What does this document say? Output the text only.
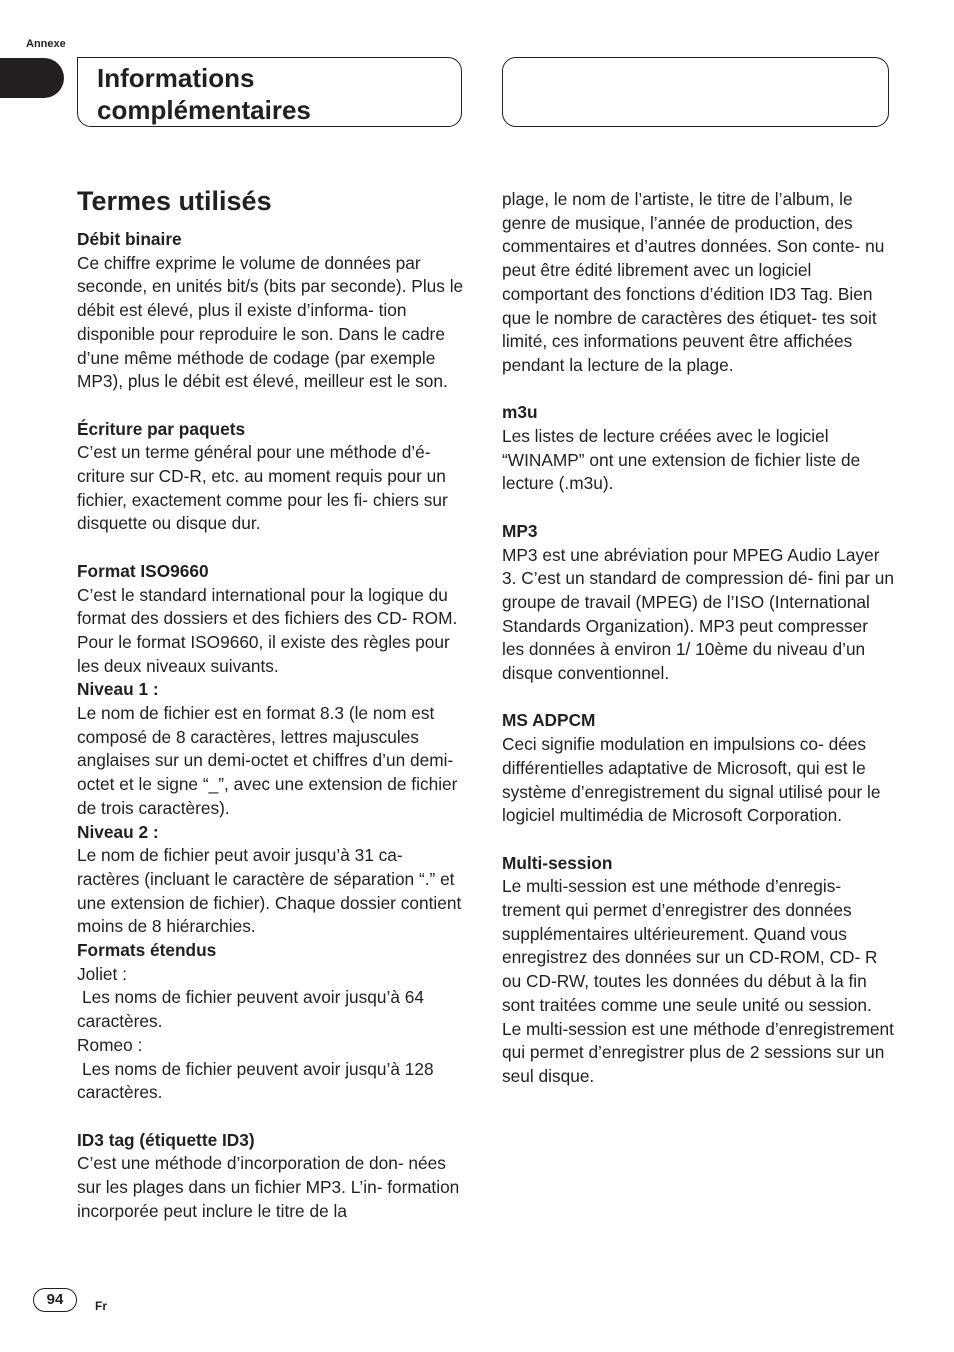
Annexe
Informations complémentaires
Termes utilisés
Débit binaire

Ce chiffre exprime le volume de données par seconde, en unités bit/s (bits par seconde). Plus le débit est élevé, plus il existe d’informa- tion disponible pour reproduire le son. Dans le cadre d’une même méthode de codage (par exemple MP3), plus le débit est élevé, meilleur est le son.

Écriture par paquets

C’est un terme général pour une méthode d’é- criture sur CD-R, etc. au moment requis pour un fichier, exactement comme pour les fi- chiers sur disquette ou disque dur.

Format ISO9660

C’est le standard international pour la logique du format des dossiers et des fichiers des CD- ROM. Pour le format ISO9660, il existe des règles pour les deux niveaux suivants.

Niveau 1 :

Le nom de fichier est en format 8.3 (le nom est composé de 8 caractères, lettres majuscules anglaises sur un demi-octet et chiffres d’un demi-octet et le signe “_”, avec une extension de fichier de trois caractères).

Niveau 2 :

Le nom de fichier peut avoir jusqu’à 31 ca- ractères (incluant le caractère de séparation “.” et une extension de fichier). Chaque dossier contient moins de 8 hiérarchies.

Formats étendus

Joliet :

Les noms de fichier peuvent avoir jusqu’à 64 caractères.

Romeo :

Les noms de fichier peuvent avoir jusqu’à 128 caractères.

ID3 tag (étiquette ID3)

C’est une méthode d’incorporation de don- nées sur les plages dans un fichier MP3. L’in- formation incorporée peut inclure le titre de la

plage, le nom de l’artiste, le titre de l’album, le genre de musique, l’année de production, des commentaires et d’autres données. Son conte- nu peut être édité librement avec un logiciel comportant des fonctions d’édition ID3 Tag. Bien que le nombre de caractères des étiquet- tes soit limité, ces informations peuvent être affichées pendant la lecture de la plage.

m3u

Les listes de lecture créées avec le logiciel “WINAMP” ont une extension de fichier liste de lecture (.m3u).

MP3

MP3 est une abréviation pour MPEG Audio Layer 3. C’est un standard de compression dé- fini par un groupe de travail (MPEG) de l’ISO (International Standards Organization). MP3 peut compresser les données à environ 1/ 10ème du niveau d’un disque conventionnel.

MS ADPCM

Ceci signifie modulation en impulsions co- dées différentielles adaptative de Microsoft, qui est le système d’enregistrement du signal utilisé pour le logiciel multimédia de Microsoft Corporation.

Multi-session

Le multi-session est une méthode d’enregis- trement qui permet d’enregistrer des données supplémentaires ultérieurement. Quand vous enregistrez des données sur un CD-ROM, CD- R ou CD-RW, toutes les données du début à la fin sont traitées comme une seule unité ou session. Le multi-session est une méthode d’enregistrement qui permet d’enregistrer plus de 2 sessions sur un seul disque.

94	Fr
